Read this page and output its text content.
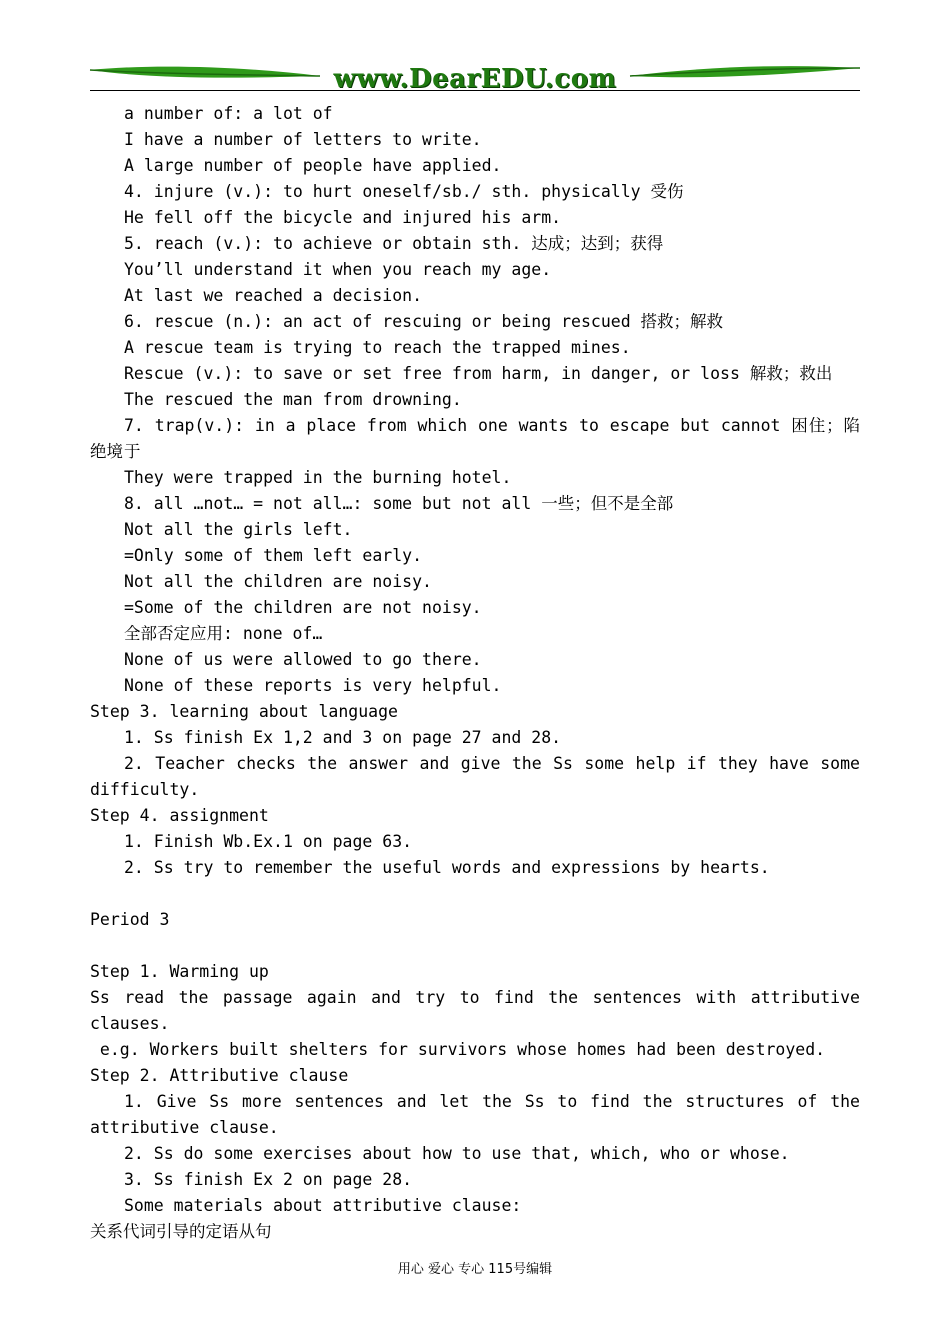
www.DearEDU.com
a number of: a lot of
I have a number of letters to write.
A large number of people have applied.
4. injure (v.): to hurt oneself/sb./ sth. physically 受伤
He fell off the bicycle and injured his arm.
5. reach (v.): to achieve or obtain sth. 达成；达到；获得
You’ll understand it when you reach my age.
At last we reached a decision.
6. rescue (n.): an act of rescuing or being rescued 搭救；解救
A rescue team is trying to reach the trapped mines.
Rescue (v.): to save or set free from harm, in danger, or loss 解救；救出
The rescued the man from drowning.
7. trap(v.): in a place from which one wants to escape but cannot 困住；陷于
绝境
They were trapped in the burning hotel.
8. all …not… = not all…: some but not all 一些；但不是全部
Not all the girls left.
=Only some of them left early.
Not all the children are noisy.
=Some of the children are not noisy.
全部否定应用: none of…
None of us were allowed to go there.
None of these reports is very helpful.
Step 3. learning about language
1. Ss finish Ex 1,2 and 3 on page 27 and 28.
2. Teacher checks the answer and give the Ss some help if they have some
difficulty.
Step 4. assignment
1. Finish Wb.Ex.1 on page 63.
2. Ss try to remember the useful words and expressions by hearts.
Period 3
Step 1. Warming up
Ss read the passage again and try to find the sentences with attributive
clauses.
e.g. Workers built shelters for survivors whose homes had been destroyed.
Step 2. Attributive clause
1. Give Ss more sentences and let the Ss to find the structures of the
attributive clause.
2. Ss do some exercises about how to use that, which, who or whose.
3. Ss finish Ex 2 on page 28.
Some materials about attributive clause:
关系代词引导的定语从句
用心 爱心 专心 115号编辑
